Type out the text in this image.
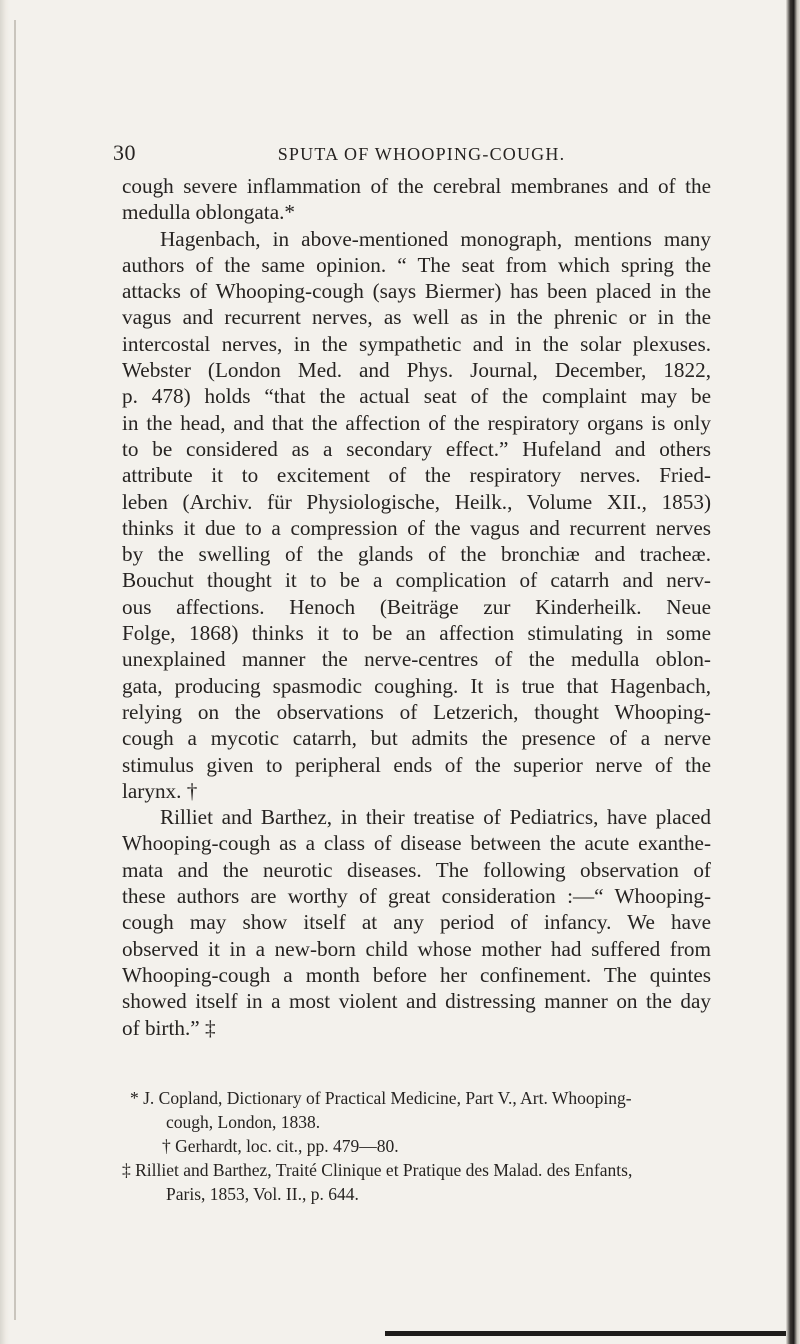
30	SPUTA OF WHOOPING-COUGH.
cough severe inflammation of the cerebral membranes and of the
medulla oblongata.*
Hagenbach, in above-mentioned monograph, mentions many
authors of the same opinion. “ The seat from which spring the
attacks of Whooping-cough (says Biermer) has been placed in the
vagus and recurrent nerves, as well as in the phrenic or in the
intercostal nerves, in the sympathetic and in the solar plexuses.
Webster (London Med. and Phys. Journal, December, 1822,
p. 478) holds “that the actual seat of the complaint may be
in the head, and that the affection of the respiratory organs is only
to be considered as a secondary effect.” Hufeland and others
attribute it to excitement of the respiratory nerves. Fried-
leben (Archiv. für Physiologische, Heilk., Volume XII., 1853)
thinks it due to a compression of the vagus and recurrent nerves
by the swelling of the glands of the bronchiæ and tracheæ.
Bouchut thought it to be a complication of catarrh and nerv-
ous affections. Henoch (Beiträge zur Kinderheilk. Neue
Folge, 1868) thinks it to be an affection stimulating in some
unexplained manner the nerve-centres of the medulla oblon-
gata, producing spasmodic coughing. It is true that Hagenbach,
relying on the observations of Letzerich, thought Whooping-
cough a mycotic catarrh, but admits the presence of a nerve
stimulus given to peripheral ends of the superior nerve of the
larynx. †
Rilliet and Barthez, in their treatise of Pediatrics, have placed
Whooping-cough as a class of disease between the acute exanthe-
mata and the neurotic diseases. The following observation of
these authors are worthy of great consideration :—“ Whooping-
cough may show itself at any period of infancy. We have
observed it in a new-born child whose mother had suffered from
Whooping-cough a month before her confinement. The quintes
showed itself in a most violent and distressing manner on the day
of birth.” ‡
* J. Copland, Dictionary of Practical Medicine, Part V., Art. Whooping-
cough, London, 1838.
† Gerhardt, loc. cit., pp. 479—80.
‡ Rilliet and Barthez, Traité Clinique et Pratique des Malad. des Enfants,
Paris, 1853, Vol. II., p. 644.
